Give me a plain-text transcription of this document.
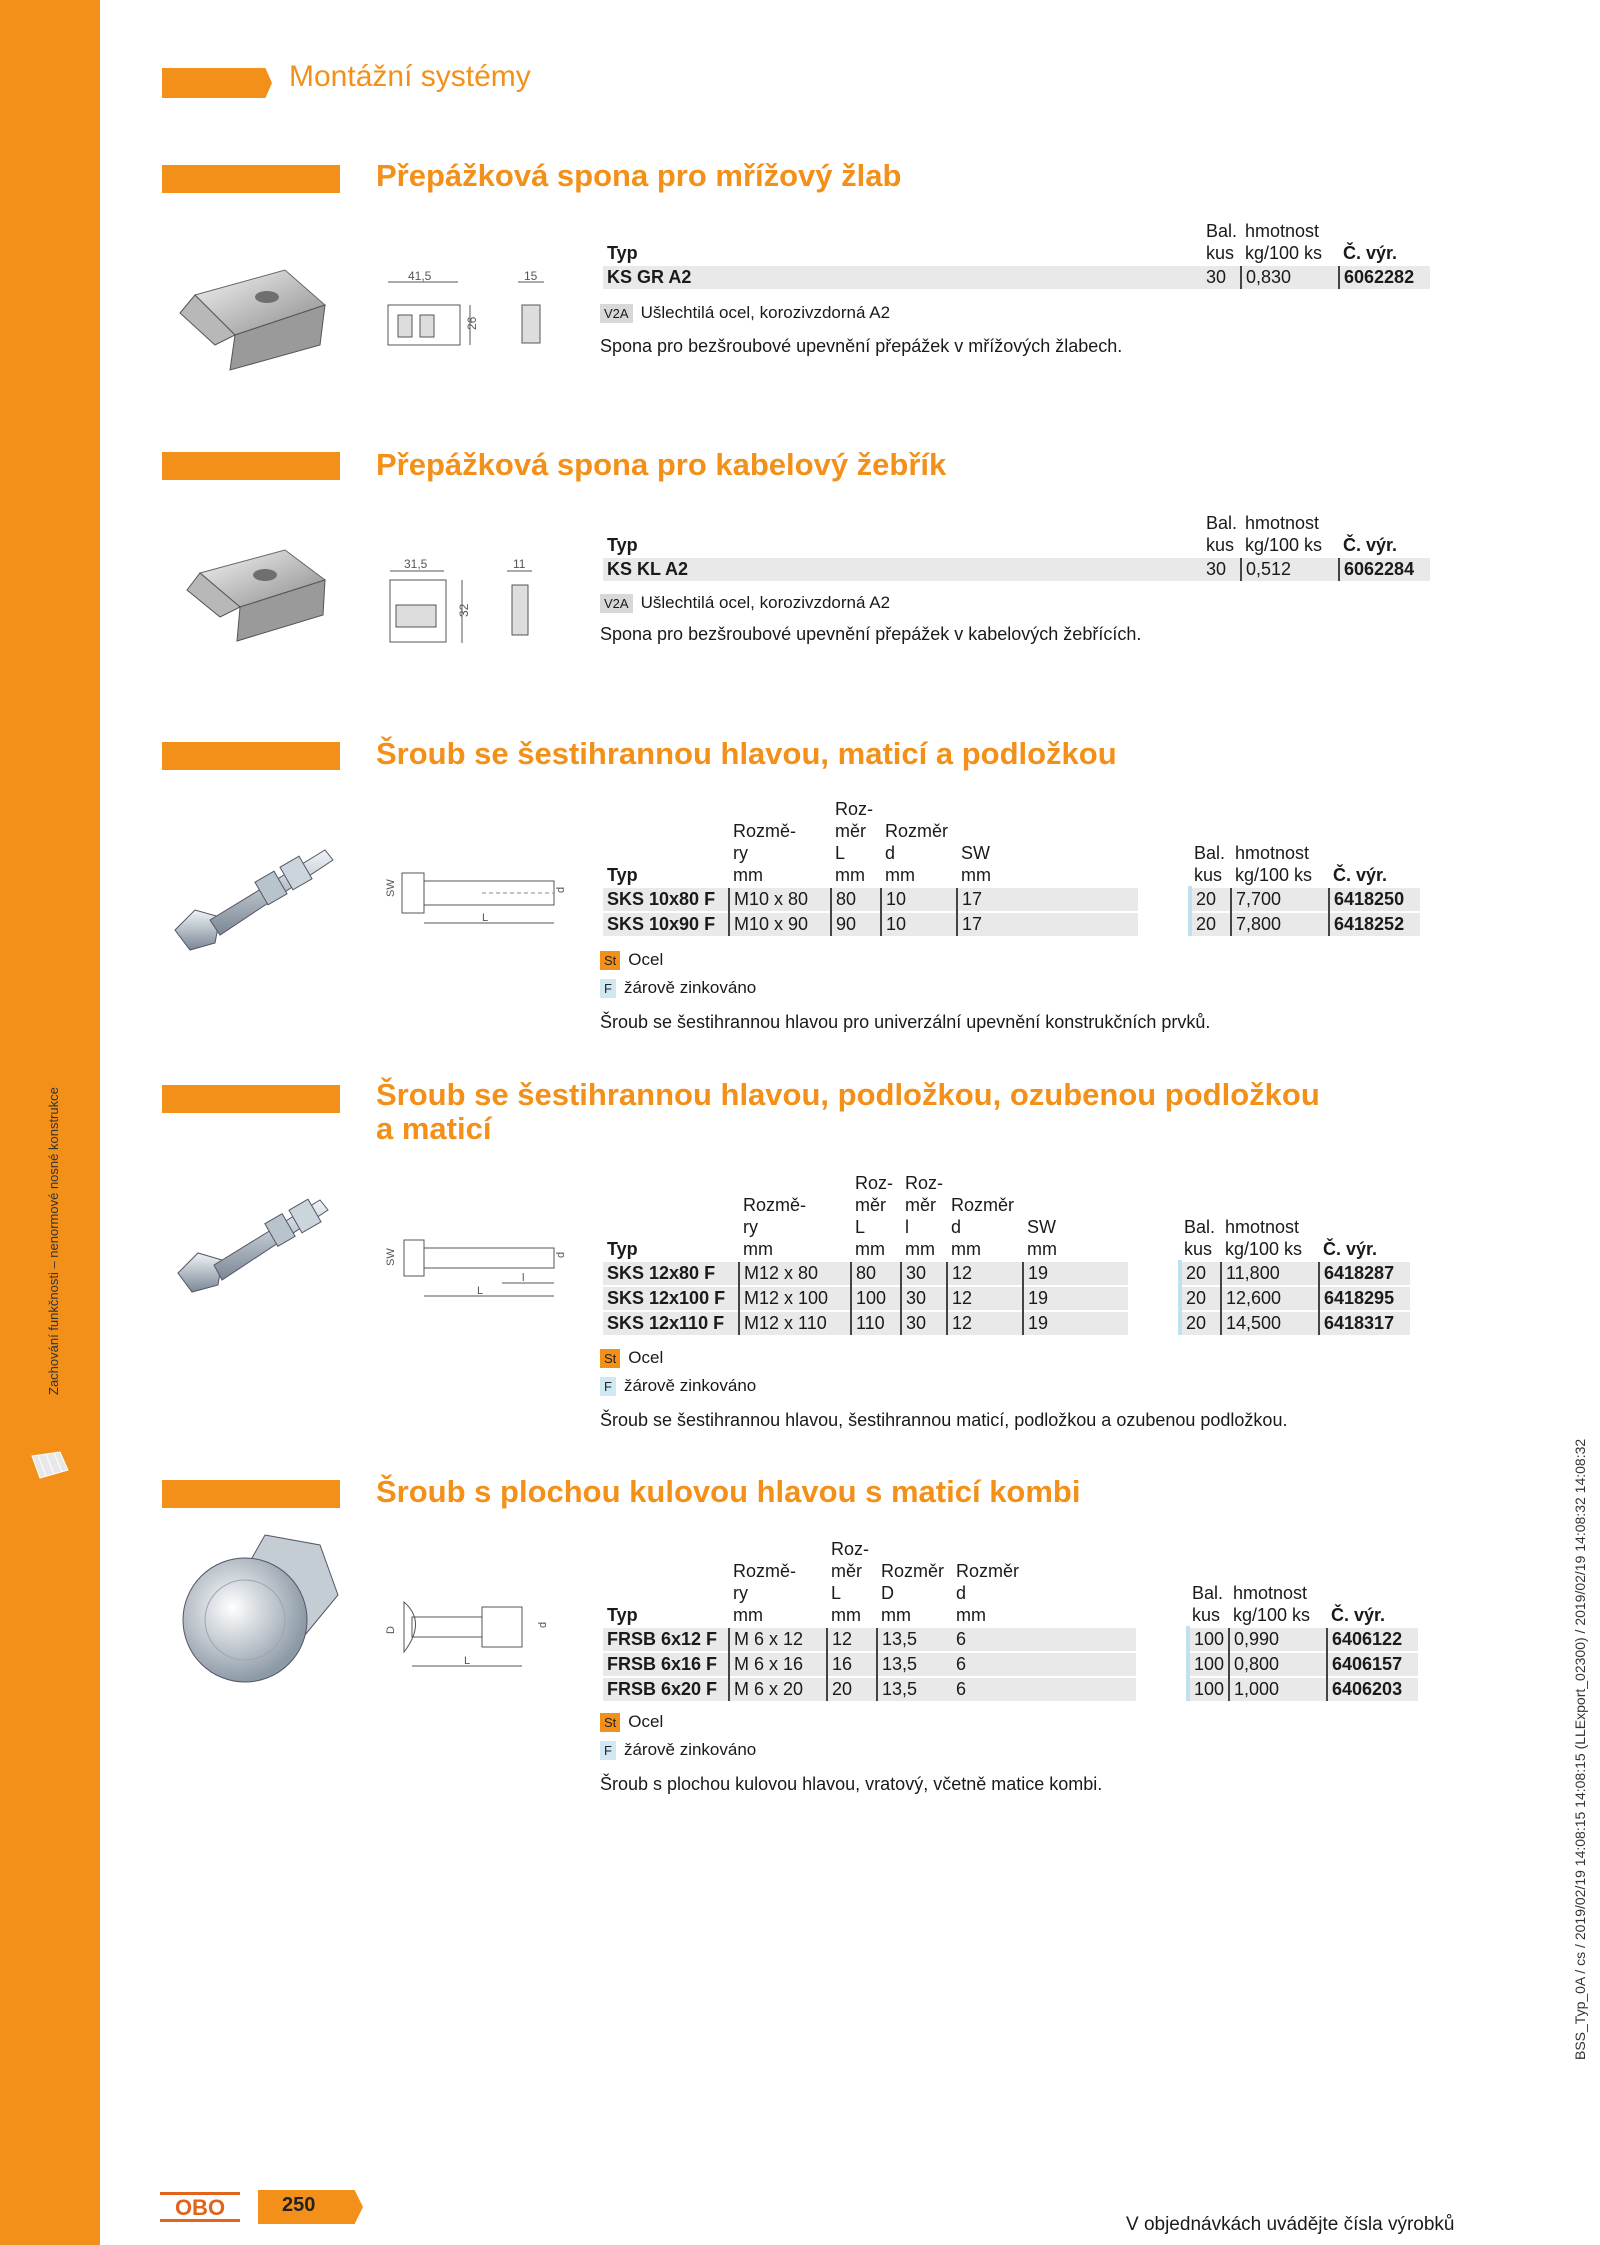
Zachování funkčnosti – nenormové nosné konstrukce
Montážní systémy
Přepážková spona pro mřížový žlab
41,5
26
15
	Bal.	hmotnost	
Typ	kus	kg/100 ks	Č. výr.
KS GR A2	30	0,830	6062282
V2A Ušlechtilá ocel, korozivzdorná A2
Spona pro bezšroubové upevnění přepážek v mřížových žlabech.
Přepážková spona pro kabelový žebřík
31,5
32
11
	Bal.	hmotnost	
Typ	kus	kg/100 ks	Č. výr.
KS KL A2	30	0,512	6062284
V2A Ušlechtilá ocel, korozivzdorná A2
Spona pro bezšroubové upevnění přepážek v kabelových žebřících.
Šroub se šestihrannou hlavou, maticí a podložkou
SW
L
d
		Roz-						
	Rozmě-	měr	Rozměr					
	ry	L	d	SW		Bal.	hmotnost	
Typ	mm	mm	mm	mm		kus	kg/100 ks	Č. výr.
SKS 10x80 F	M10 x 80	80	10	17		20	7,700	6418250
SKS 10x90 F	M10 x 90	90	10	17		20	7,800	6418252
St Ocel
F žárově zinkováno
Šroub se šestihrannou hlavou pro univerzální upevnění konstrukčních prvků.
Šroub se šestihrannou hlavou, podložkou, ozubenou podložkou
a maticí
SW
L
l
d
		Roz-	Roz-						
	Rozmě-	měr	měr	Rozměr					
	ry	L	l	d	SW		Bal.	hmotnost	
Typ	mm	mm	mm	mm	mm		kus	kg/100 ks	Č. výr.
SKS 12x80 F	M12 x 80	80	30	12	19		20	11,800	6418287
SKS 12x100 F	M12 x 100	100	30	12	19		20	12,600	6418295
SKS 12x110 F	M12 x 110	110	30	12	19		20	14,500	6418317
St Ocel
F žárově zinkováno
Šroub se šestihrannou hlavou, šestihrannou maticí, podložkou a ozubenou podložkou.
Šroub s plochou kulovou hlavou s maticí kombi
D
L
d
		Roz-						
	Rozmě-	měr	Rozměr	Rozměr				
	ry	L	D	d		Bal.	hmotnost	
Typ	mm	mm	mm	mm		kus	kg/100 ks	Č. výr.
FRSB 6x12 F	M 6 x 12	12	13,5	6		100	0,990	6406122
FRSB 6x16 F	M 6 x 16	16	13,5	6		100	0,800	6406157
FRSB 6x20 F	M 6 x 20	20	13,5	6		100	1,000	6406203
St Ocel
F žárově zinkováno
Šroub s plochou kulovou hlavou, vratový, včetně matice kombi.	BSS_Typ_0A / cs / 2019/02/19 14:08:15 14:08:15 (LLExport_02300) / 2019/02/19 14:08:32 14:08:32
OBO	250
V objednávkách uvádějte čísla výrobků
